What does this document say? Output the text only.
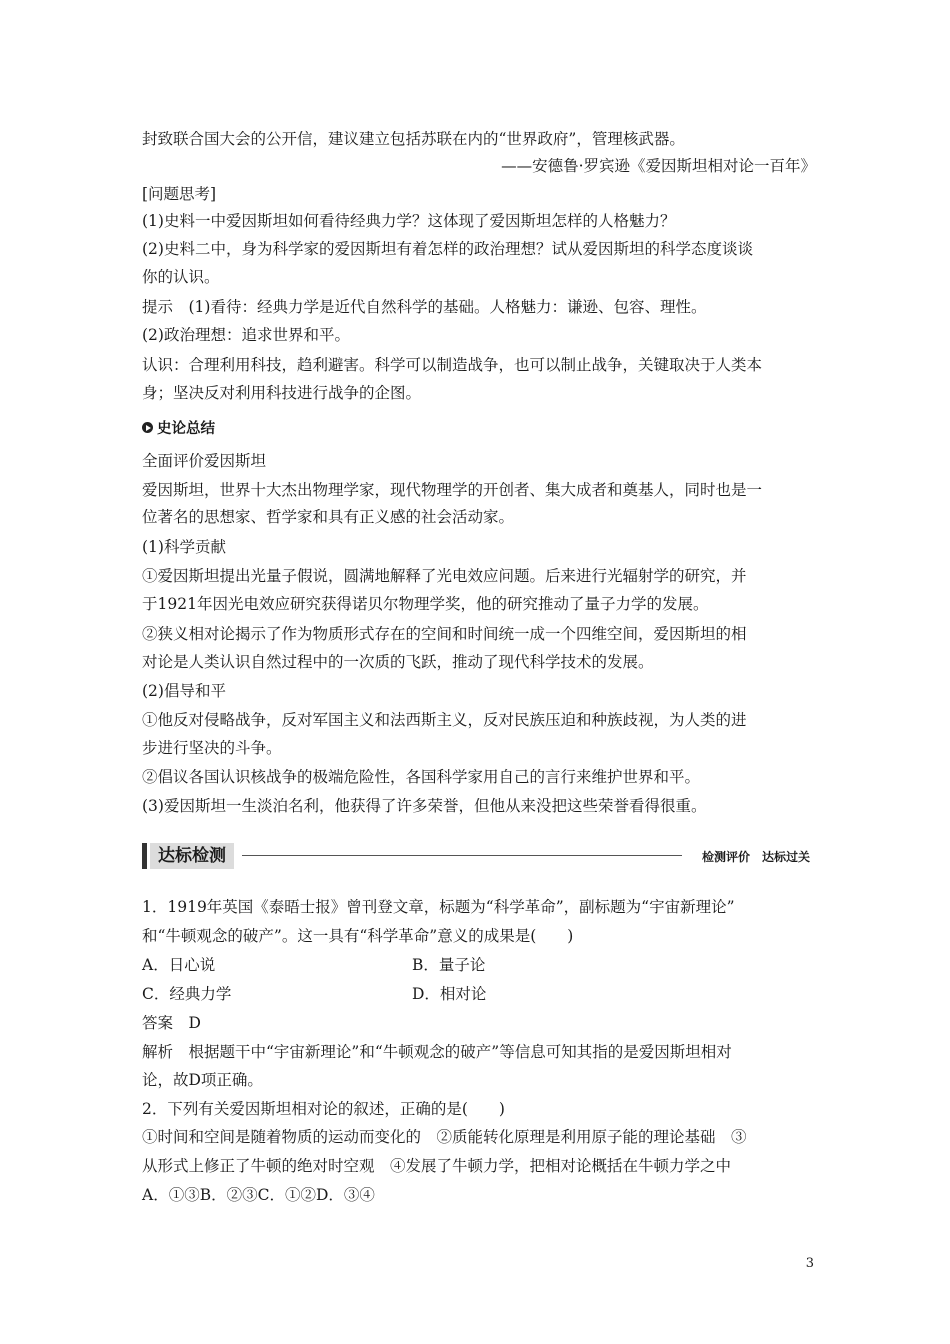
封致联合国大会的公开信，建议建立包括苏联在内的“世界政府”，管理核武器。
——安德鲁·罗宾逊《爱因斯坦相对论一百年》
[问题思考]
(1)史料一中爱因斯坦如何看待经典力学？这体现了爱因斯坦怎样的人格魅力？
(2)史料二中，身为科学家的爱因斯坦有着怎样的政治理想？试从爱因斯坦的科学态度谈谈
你的认识。
提示　(1)看待：经典力学是近代自然科学的基础。人格魅力：谦逊、包容、理性。
(2)政治理想：追求世界和平。
认识：合理利用科技，趋利避害。科学可以制造战争，也可以制止战争，关键取决于人类本
身；坚决反对利用科技进行战争的企图。
史论总结
全面评价爱因斯坦
爱因斯坦，世界十大杰出物理学家，现代物理学的开创者、集大成者和奠基人，同时也是一
位著名的思想家、哲学家和具有正义感的社会活动家。
(1)科学贡献
①爱因斯坦提出光量子假说，圆满地解释了光电效应问题。后来进行光辐射学的研究，并
于1921年因光电效应研究获得诺贝尔物理学奖，他的研究推动了量子力学的发展。
②狭义相对论揭示了作为物质形式存在的空间和时间统一成一个四维空间，爱因斯坦的相
对论是人类认识自然过程中的一次质的飞跃，推动了现代科学技术的发展。
(2)倡导和平
①他反对侵略战争，反对军国主义和法西斯主义，反对民族压迫和种族歧视，为人类的进
步进行坚决的斗争。
②倡议各国认识核战争的极端危险性，各国科学家用自己的言行来维护世界和平。
(3)爱因斯坦一生淡泊名利，他获得了许多荣誉，但他从来没把这些荣誉看得很重。
达标检测	检测评价　达标过关
1．1919年英国《泰晤士报》曾刊登文章，标题为“科学革命”，副标题为“宇宙新理论”
和“牛顿观念的破产”。这一具有“科学革命”意义的成果是(　　)
A．日心说	B．量子论
C．经典力学	D．相对论
答案　D
解析　根据题干中“宇宙新理论”和“牛顿观念的破产”等信息可知其指的是爱因斯坦相对
论，故D项正确。
2．下列有关爱因斯坦相对论的叙述，正确的是(　　)
①时间和空间是随着物质的运动而变化的　②质能转化原理是利用原子能的理论基础　③
从形式上修正了牛顿的绝对时空观　④发展了牛顿力学，把相对论概括在牛顿力学之中
A．①③B．②③C．①②D．③④
3
